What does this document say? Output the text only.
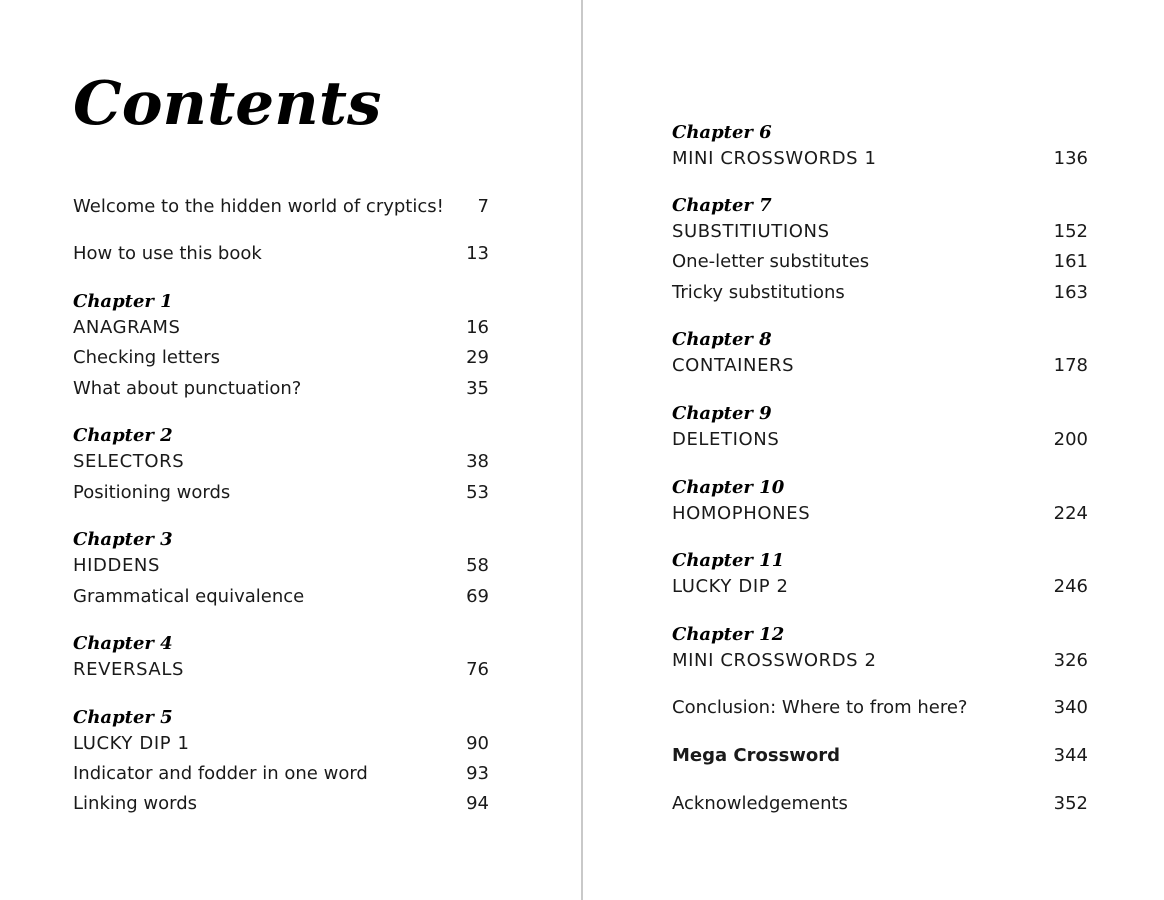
Contents
Welcome to the hidden world of cryptics! 7
How to use this book	13
Chapter 1
ANAGRAMS	16
Checking letters	29
What about punctuation?	35
Chapter 2
SELECTORS	38
Positioning words	53
Chapter 3
HIDDENS	58
Grammatical equivalence	69
Chapter 4
REVERSALS	76
Chapter 5
LUCKY DIP 1	90
Indicator and fodder in one word	93
Linking words	94
Chapter 6
MINI CROSSWORDS 1	136
Chapter 7
SUBSTITIUTIONS	152
One-letter substitutes	161
Tricky substitutions	163
Chapter 8
CONTAINERS	178
Chapter 9
DELETIONS	200
Chapter 10
HOMOPHONES	224
Chapter 11
LUCKY DIP 2	246
Chapter 12
MINI CROSSWORDS 2	326
Conclusion: Where to from here?	340
Mega Crossword	344
Acknowledgements	352
